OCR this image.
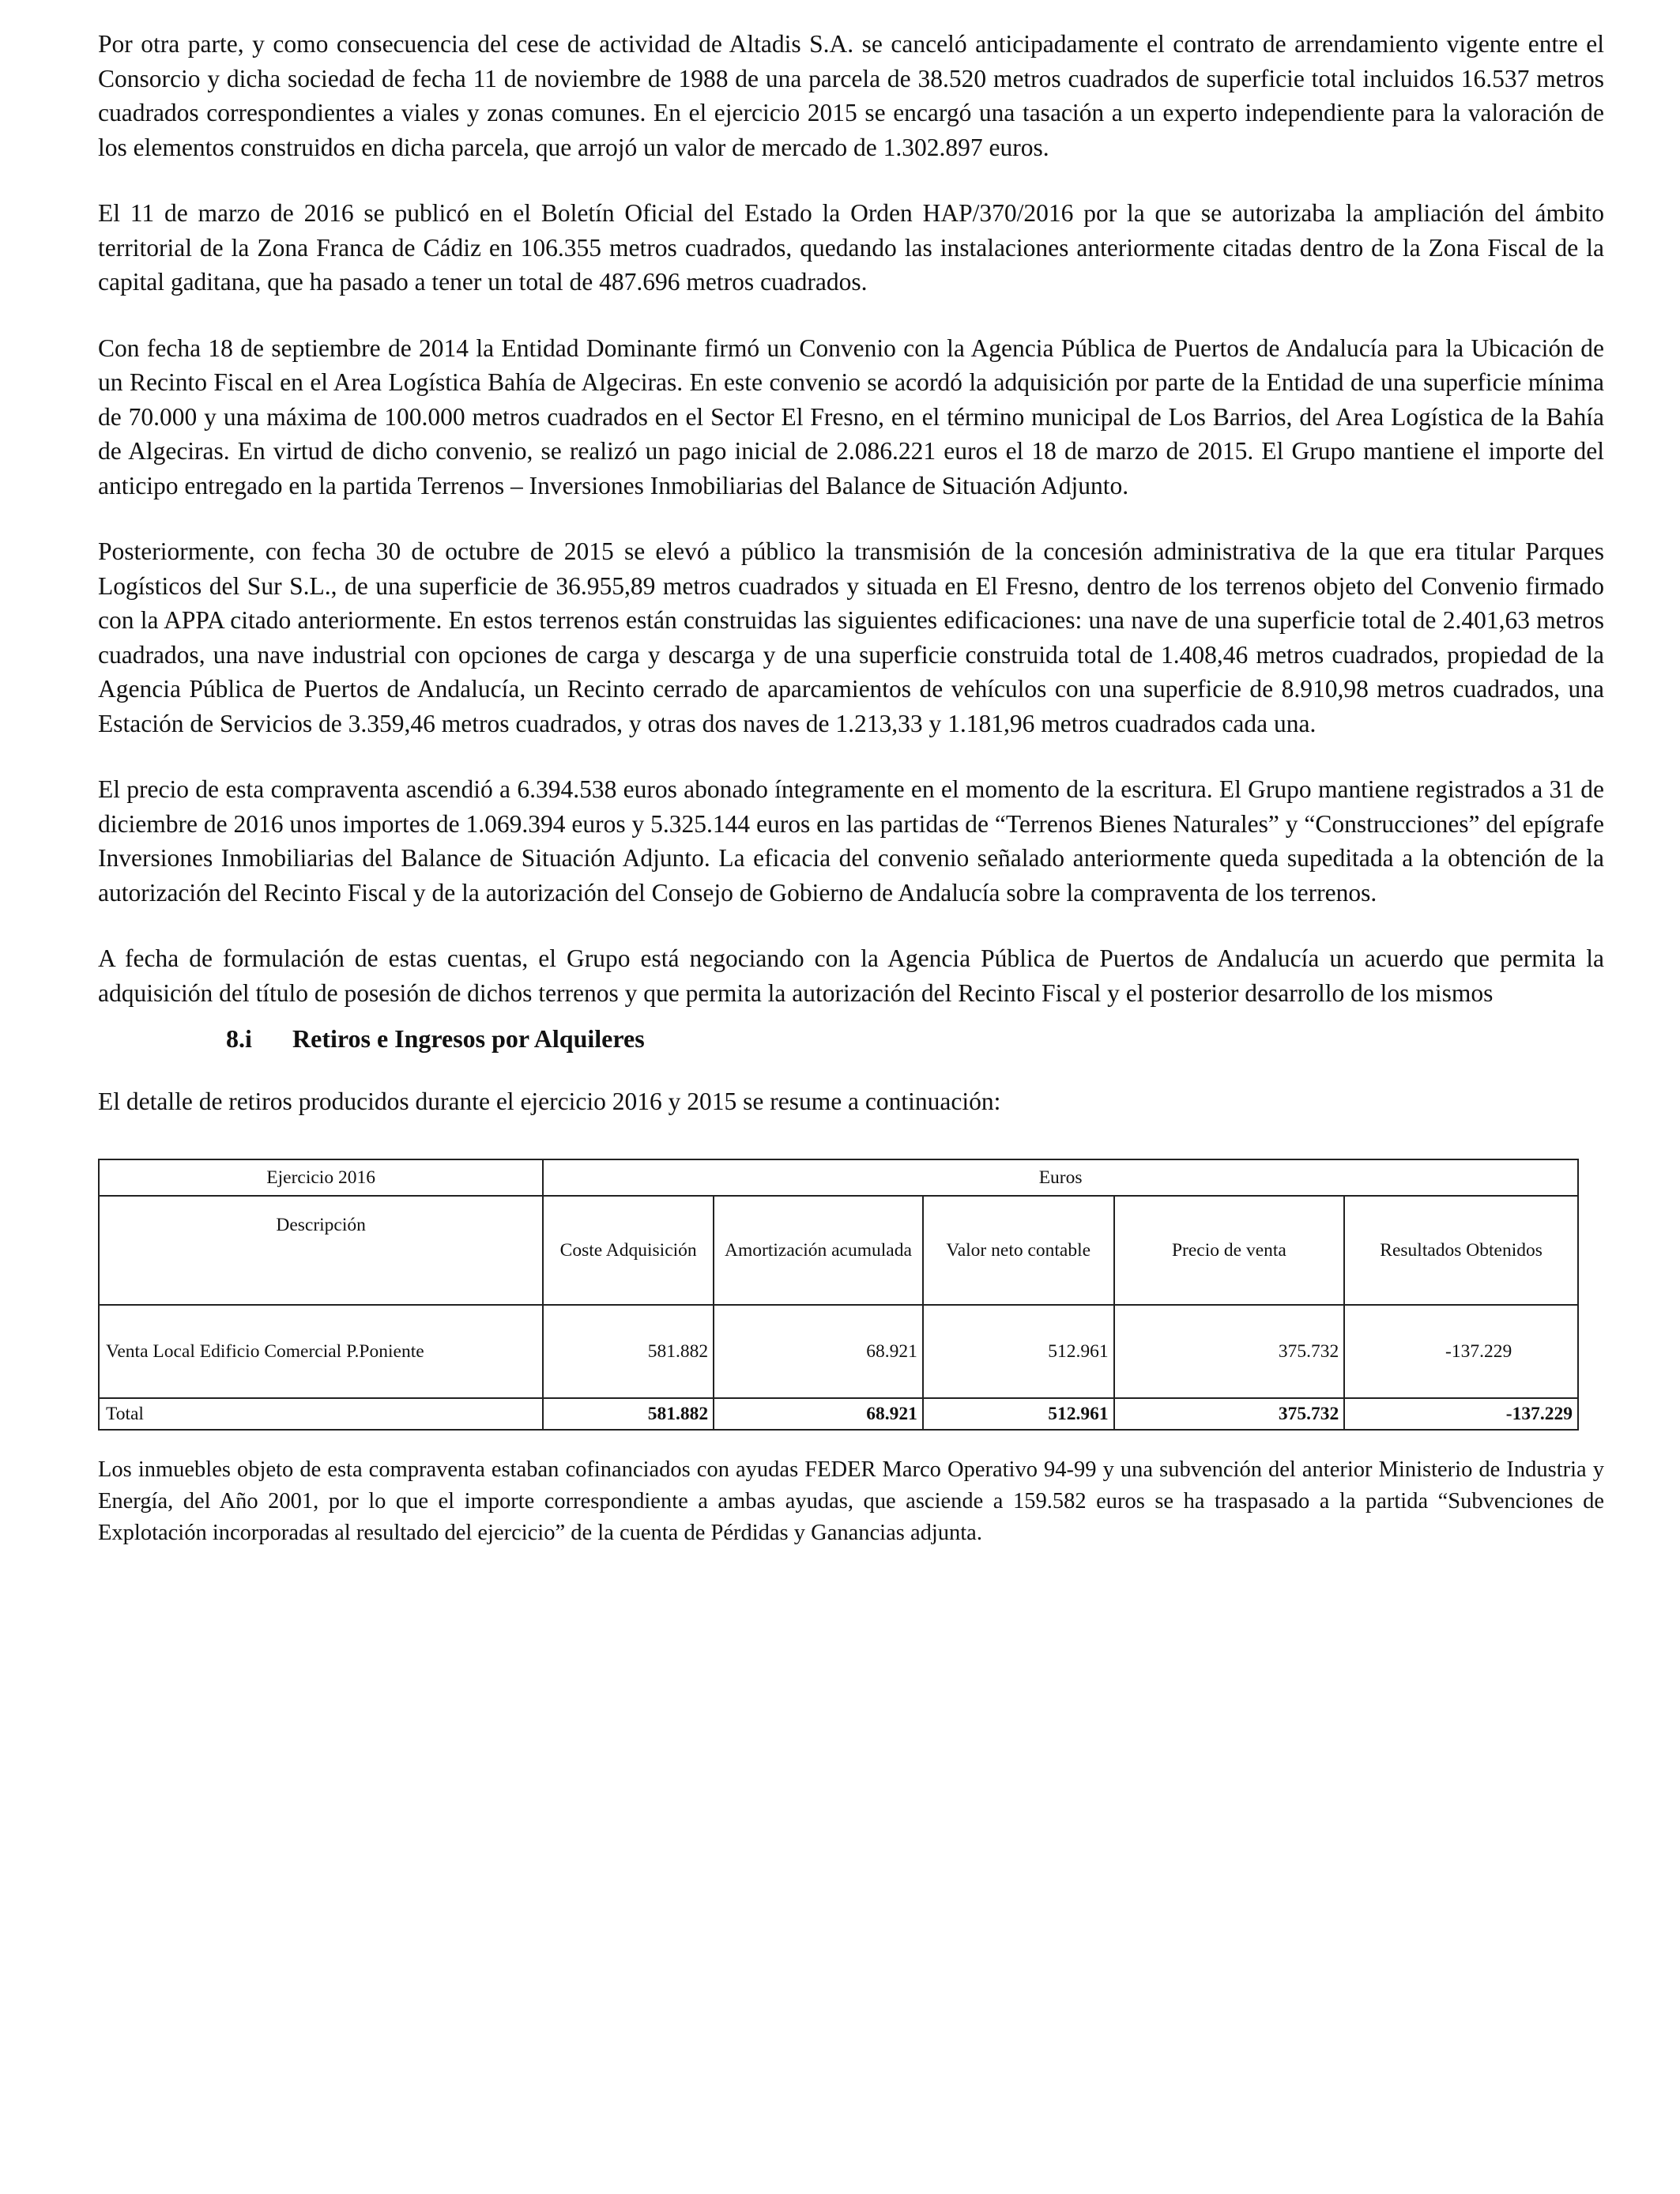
Por otra parte, y como consecuencia del cese de actividad de Altadis S.A. se canceló anticipadamente el contrato de arrendamiento vigente entre el Consorcio y dicha sociedad de fecha 11 de noviembre de 1988 de una parcela de 38.520 metros cuadrados de superficie total incluidos 16.537 metros cuadrados correspondientes a viales y zonas comunes. En el ejercicio 2015 se encargó una tasación a un experto independiente para la valoración de los elementos construidos en dicha parcela, que arrojó un valor de mercado de 1.302.897 euros.

El 11 de marzo de 2016 se publicó en el Boletín Oficial del Estado la Orden HAP/370/2016 por la que se autorizaba la ampliación del ámbito territorial de la Zona Franca de Cádiz en 106.355 metros cuadrados, quedando las instalaciones anteriormente citadas dentro de la Zona Fiscal de la capital gaditana, que ha pasado a tener un total de 487.696 metros cuadrados.

Con fecha 18 de septiembre de 2014 la Entidad Dominante firmó un Convenio con la Agencia Pública de Puertos de Andalucía para la Ubicación de un Recinto Fiscal en el Area Logística Bahía de Algeciras. En este convenio se acordó la adquisición por parte de la Entidad de una superficie mínima de 70.000 y una máxima de 100.000 metros cuadrados en el Sector El Fresno, en el término municipal de Los Barrios, del Area Logística de la Bahía de Algeciras. En virtud de dicho convenio, se realizó un pago inicial de 2.086.221 euros el 18 de marzo de 2015. El Grupo mantiene el importe del anticipo entregado en la partida Terrenos – Inversiones Inmobiliarias del Balance de Situación Adjunto.

Posteriormente, con fecha 30 de octubre de 2015 se elevó a público la transmisión de la concesión administrativa de la que era titular Parques Logísticos del Sur S.L., de una superficie de 36.955,89 metros cuadrados y situada en El Fresno, dentro de los terrenos objeto del Convenio firmado con la APPA citado anteriormente. En estos terrenos están construidas las siguientes edificaciones: una nave de una superficie total de 2.401,63 metros cuadrados, una nave industrial con opciones de carga y descarga y de una superficie construida total de 1.408,46 metros cuadrados, propiedad de la Agencia Pública de Puertos de Andalucía, un Recinto cerrado de aparcamientos de vehículos con una superficie de 8.910,98 metros cuadrados, una Estación de Servicios de 3.359,46 metros cuadrados, y otras dos naves de 1.213,33 y 1.181,96 metros cuadrados cada una.

El precio de esta compraventa ascendió a 6.394.538 euros abonado íntegramente en el momento de la escritura. El Grupo mantiene registrados a 31 de diciembre de 2016 unos importes de 1.069.394 euros y 5.325.144 euros en las partidas de “Terrenos Bienes Naturales” y “Construcciones” del epígrafe Inversiones Inmobiliarias del Balance de Situación Adjunto. La eficacia del convenio señalado anteriormente queda supeditada a la obtención de la autorización del Recinto Fiscal y de la autorización del Consejo de Gobierno de Andalucía sobre la compraventa de los terrenos.

A fecha de formulación de estas cuentas, el Grupo está negociando con la Agencia Pública de Puertos de Andalucía un acuerdo que permita la adquisición del título de posesión de dichos terrenos y que permita la autorización del Recinto Fiscal y el posterior desarrollo de los mismos

8.i	Retiros e Ingresos por Alquileres

El detalle de retiros producidos durante el ejercicio 2016 y 2015 se resume a continuación:

Ejercicio 2016	Euros				
Descripción	Coste Adquisición	Amortización acumulada	Valor neto contable	Precio de venta	Resultados Obtenidos
Venta Local Edificio Comercial P.Poniente	581.882	68.921	512.961	375.732	-137.229
Total	581.882	68.921	512.961	375.732	-137.229

Los inmuebles objeto de esta compraventa estaban cofinanciados con ayudas FEDER Marco Operativo 94-99 y una subvención del anterior Ministerio de Industria y Energía, del Año 2001, por lo que el importe correspondiente a ambas ayudas, que asciende a 159.582 euros se ha traspasado a la partida “Subvenciones de Explotación incorporadas al resultado del ejercicio” de la cuenta de Pérdidas y Ganancias adjunta.
